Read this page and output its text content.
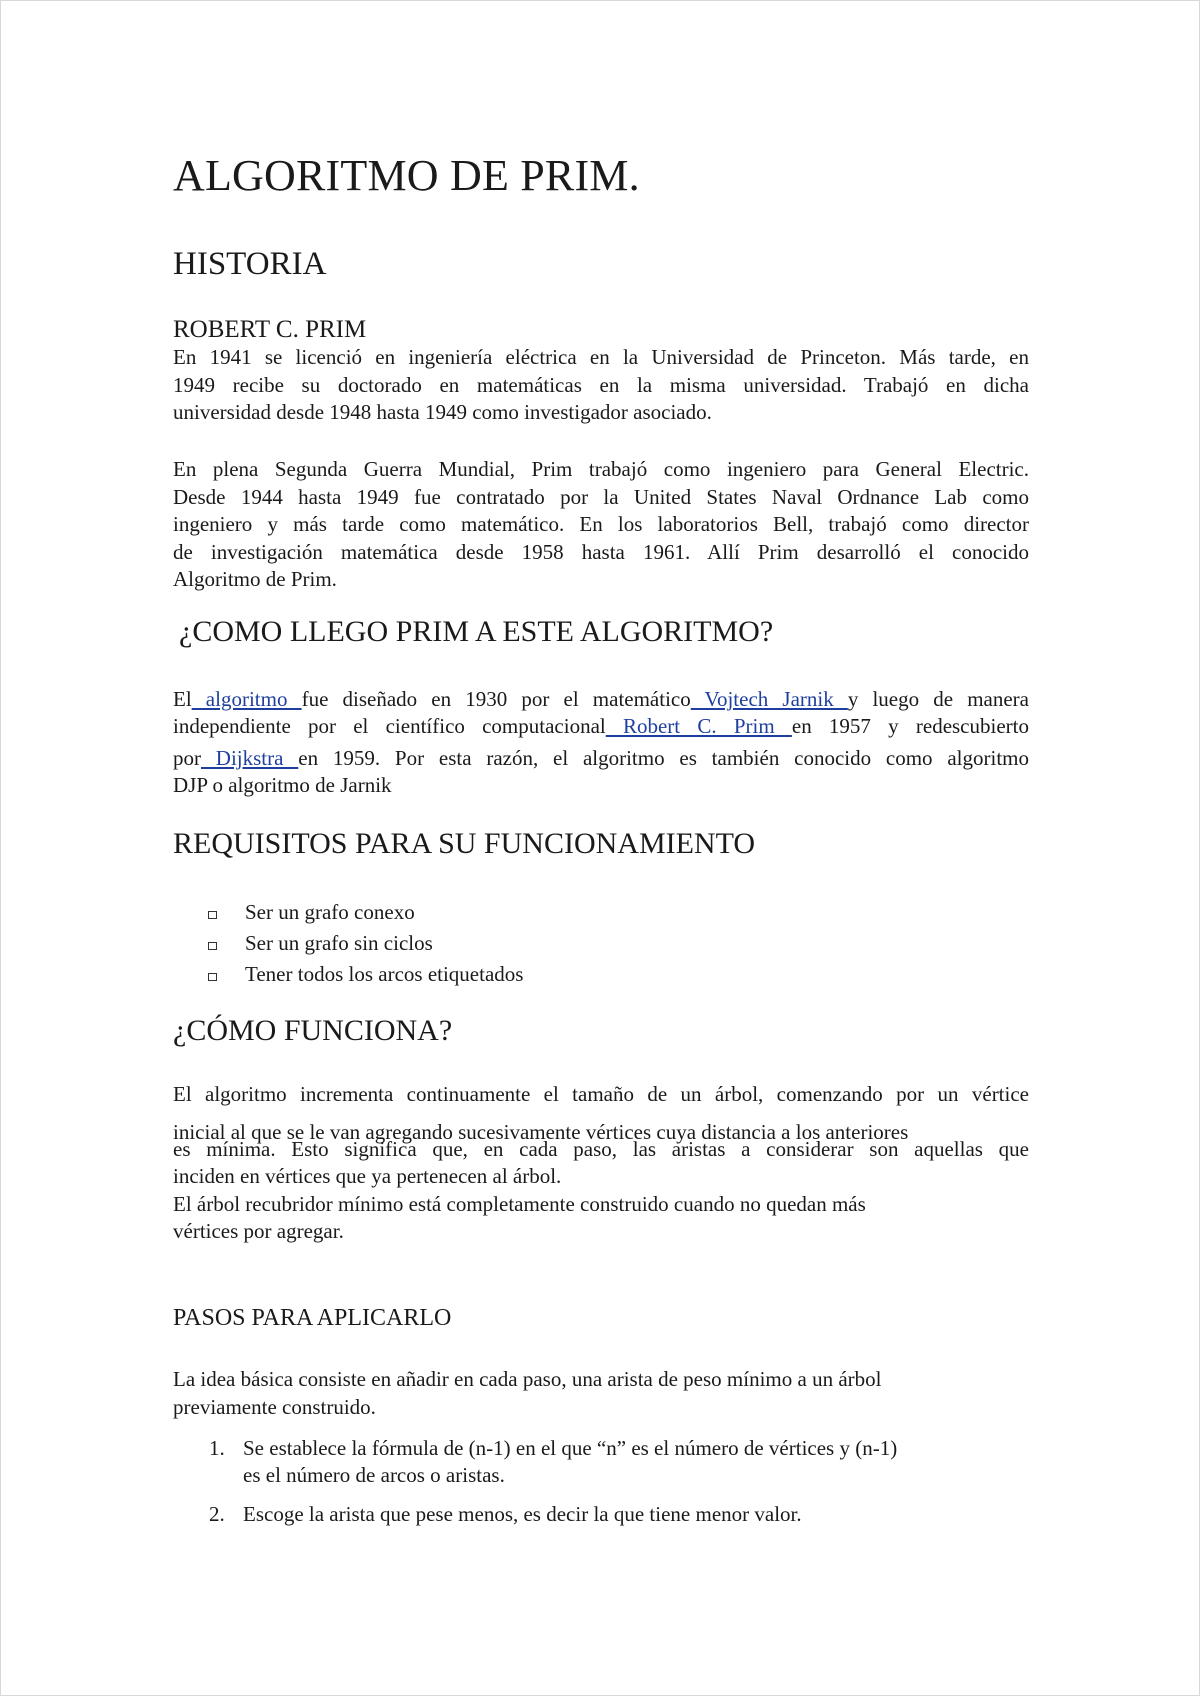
ALGORITMO DE PRIM.
HISTORIA
ROBERT C. PRIM
En 1941 se licenció en ingeniería eléctrica en la Universidad de Princeton. Más tarde, en
1949 recibe su doctorado en matemáticas en la misma universidad. Trabajó en dicha
universidad desde 1948 hasta 1949 como investigador asociado.
En plena Segunda Guerra Mundial, Prim trabajó como ingeniero para General Electric.
Desde 1944 hasta 1949 fue contratado por la United States Naval Ordnance Lab como
ingeniero y más tarde como matemático. En los laboratorios Bell, trabajó como director
de investigación matemática desde 1958 hasta 1961. Allí Prim desarrolló el conocido
Algoritmo de Prim.
¿COMO LLEGO PRIM A ESTE ALGORITMO?
El algoritmo fue diseñado en 1930 por el matemático Vojtech Jarnik y luego de manera
independiente por el científico computacional Robert C. Prim en 1957 y redescubierto
por Dijkstra en 1959. Por esta razón, el algoritmo es también conocido como algoritmo
DJP o algoritmo de Jarnik
REQUISITOS PARA SU FUNCIONAMIENTO
Ser un grafo conexo
Ser un grafo sin ciclos
Tener todos los arcos etiquetados
¿CÓMO FUNCIONA?
El algoritmo incrementa continuamente el tamaño de un árbol, comenzando por un vértice
inicial al que se le van agregando sucesivamente vértices cuya distancia a los anteriores
es mínima. Esto significa que, en cada paso, las aristas a considerar son aquellas que
inciden en vértices que ya pertenecen al árbol.
El árbol recubridor mínimo está completamente construido cuando no quedan más
vértices por agregar.
PASOS PARA APLICARLO
La idea básica consiste en añadir en cada paso, una arista de peso mínimo a un árbol
previamente construido.
1. Se establece la fórmula de (n-1) en el que “n” es el número de vértices y (n-1)
es el número de arcos o aristas.
2. Escoge la arista que pese menos, es decir la que tiene menor valor.
